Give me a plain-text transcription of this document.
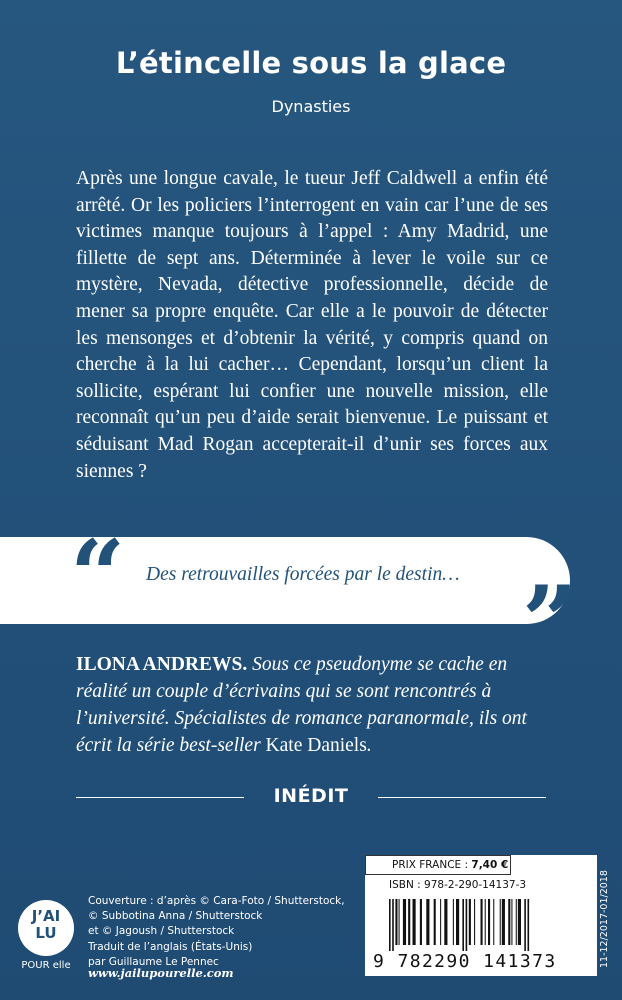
L’étincelle sous la glace
Dynasties

Après une longue cavale, le tueur Jeff Caldwell a enfin été arrêté. Or les policiers l’interrogent en vain car l’une de ses victimes manque toujours à l’appel : Amy Madrid, une fillette de sept ans. Déterminée à lever le voile sur ce mystère, Nevada, détective professionnelle, décide de mener sa propre enquête. Car elle a le pouvoir de détecter les mensonges et d’obtenir la vérité, y compris quand on cherche à la lui cacher… Cependant, lorsqu’un client la sollicite, espérant lui confier une nouvelle mission, elle reconnaît qu’un peu d’aide serait bienvenue. Le puissant et séduisant Mad Rogan accepterait-il d’unir ses forces aux siennes ?

“ Des retrouvailles forcées par le destin… ”

ILONA ANDREWS. Sous ce pseudonyme se cache en réalité un couple d’écrivains qui se sont rencontrés à l’université. Spécialistes de romance paranormale, ils ont écrit la série best-seller Kate Daniels.

INÉDIT
J’AI
LU
POUR elle
Couverture : d’après © Cara-Foto / Shutterstock,
© Subbotina Anna / Shutterstock
et © Jagoush / Shutterstock
Traduit de l’anglais (États-Unis)
par Guillaume Le Pennec
www.jailupourelle.com
PRIX FRANCE : 7,40 €
ISBN : 978-2-290-14137-3
9 782290 141373	11-12/2017-01/2018
